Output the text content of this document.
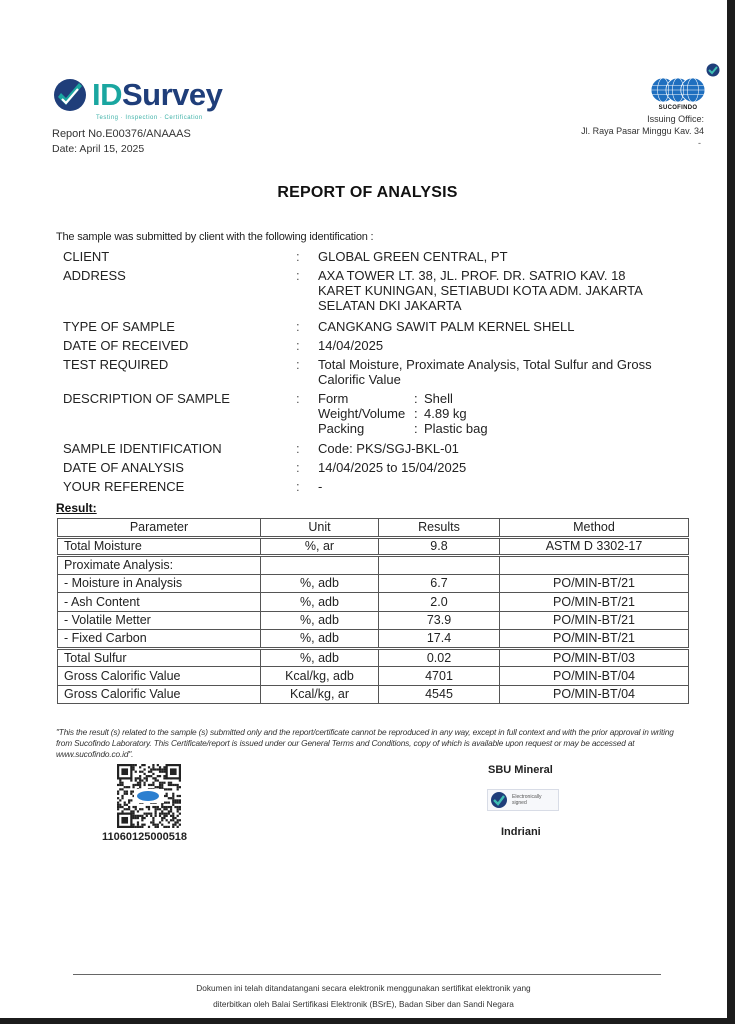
IDSurvey
Testing · Inspection · Certification
Report No.E00376/ANAAAS
Date: April 15, 2025
SUCOFINDO
Issuing Office:
Jl. Raya Pasar Minggu Kav. 34
-
REPORT OF ANALYSIS
The sample was submitted by client with the following identification :
CLIENT	:	GLOBAL GREEN CENTRAL, PT
ADDRESS	:	AXA TOWER LT. 38, JL. PROF. DR. SATRIO KAV. 18
KARET KUNINGAN, SETIABUDI KOTA ADM. JAKARTA
SELATAN DKI JAKARTA
TYPE OF SAMPLE	:	CANGKANG SAWIT PALM KERNEL SHELL
DATE OF RECEIVED	:	14/04/2025
TEST REQUIRED	:	Total Moisture, Proximate Analysis, Total Sulfur and Gross
Calorific Value
DESCRIPTION OF SAMPLE	:	Form	: Shell
Weight/Volume : 4.89 kg
Packing	: Plastic bag
SAMPLE IDENTIFICATION	:	Code: PKS/SGJ-BKL-01
DATE OF ANALYSIS	:	14/04/2025 to 15/04/2025
YOUR REFERENCE	:	-
Result:
Parameter	Unit	Results	Method
Total Moisture	%, ar	9.8	ASTM D 3302-17
Proximate Analysis:			
- Moisture in Analysis	%, adb	6.7	PO/MIN-BT/21
- Ash Content	%, adb	2.0	PO/MIN-BT/21
- Volatile Metter	%, adb	73.9	PO/MIN-BT/21
- Fixed Carbon	%, adb	17.4	PO/MIN-BT/21
Total Sulfur	%, adb	0.02	PO/MIN-BT/03
Gross Calorific Value	Kcal/kg, adb	4701	PO/MIN-BT/04
Gross Calorific Value	Kcal/kg, ar	4545	PO/MIN-BT/04
"This the result (s) related to the sample (s) submitted only and the report/certificate cannot be reproduced in any way, except in full context and with the prior approval in writing from Sucofindo Laboratory. This Certificate/report is issued under our General Terms and Conditions, copy of which is available upon request or may be accessed at www.sucofindo.co.id".
11060125000518
SBU Mineral
Electronically
signed
Indriani
Dokumen ini telah ditandatangani secara elektronik menggunakan sertifikat elektronik yang
diterbitkan oleh Balai Sertifikasi Elektronik (BSrE), Badan Siber dan Sandi Negara
